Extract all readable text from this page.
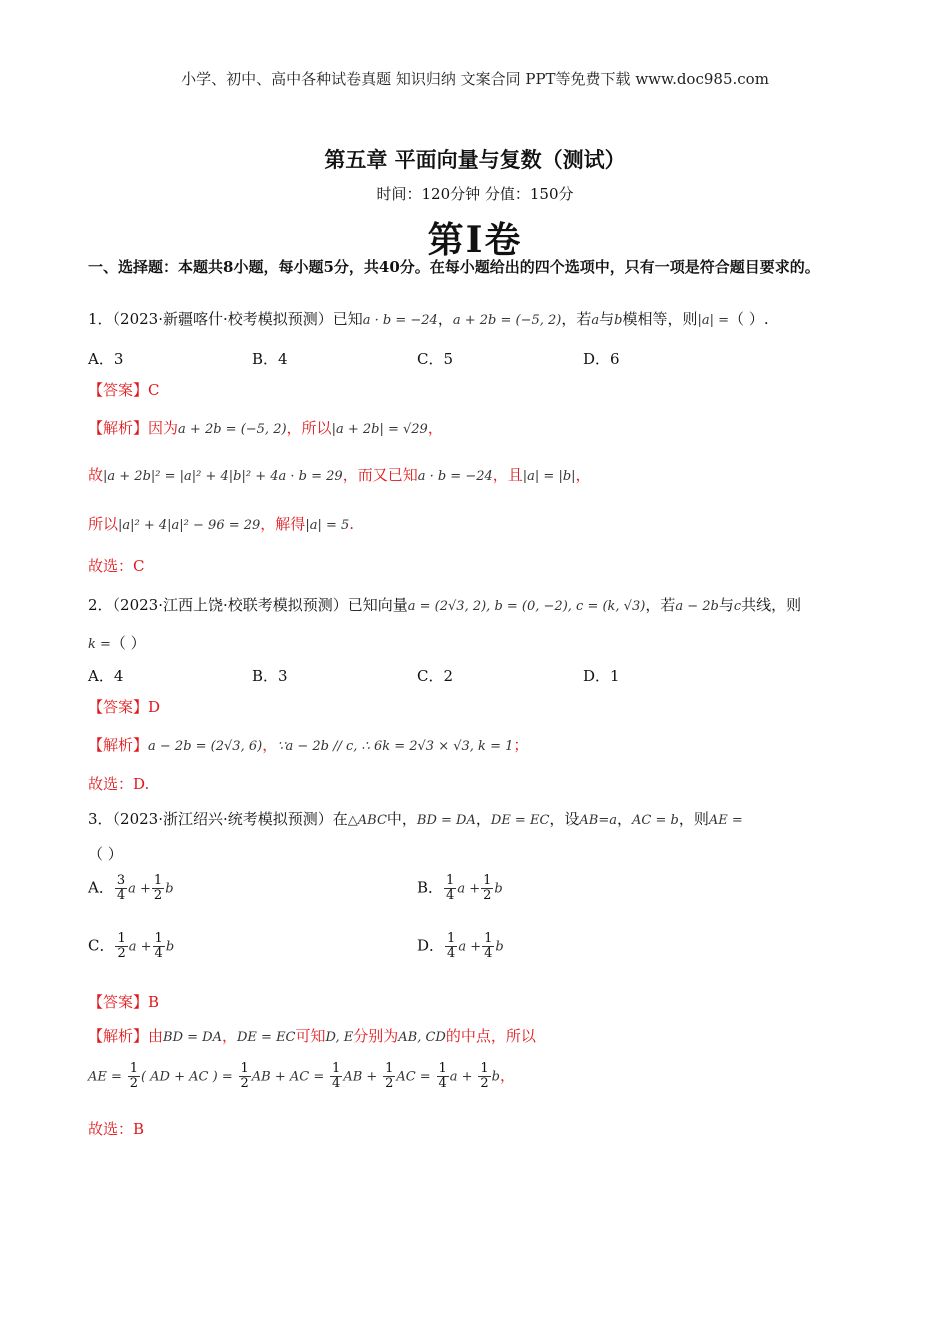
小学、初中、高中各种试卷真题 知识归纳 文案合同 PPT等免费下载 www.doc985.com
第五章 平面向量与复数（测试）
时间：120分钟 分值：150分
第Ⅰ卷
一、选择题：本题共8小题，每小题5分，共40分。在每小题给出的四个选项中，只有一项是符合题目要求的。
1．（2023·新疆喀什·校考模拟预测）已知a · b = −24，a + 2b = (−5, 2)，若a与b模相等，则|a| =（ ）.
A．3	B．4	C．5	D．6
【答案】C
【解析】因为a + 2b = (−5, 2)，所以|a + 2b| = √29，
故|a + 2b|² = |a|² + 4|b|² + 4a · b = 29，而又已知a · b = −24，且|a| = |b|，
所以|a|² + 4|a|² − 96 = 29，解得|a| = 5.
故选：C
2．（2023·江西上饶·校联考模拟预测）已知向量a = (2√3, 2), b = (0, −2), c = (k, √3)，若a − 2b与c共线，则
k =（ ）
A．4	B．3	C．2	D．1
【答案】D
【解析】a − 2b = (2√3, 6)，∵a − 2b // c, ∴ 6k = 2√3 × √3, k = 1；
故选：D.
3．（2023·浙江绍兴·统考模拟预测）在△ABC中，BD = DA，DE = EC，设AB=a，AC = b，则AE =
（ ）
A． $\frac{3}{4}$ $a + \frac{1}{2}$ b	B． $\frac{1}{4}$ $a + \frac{1}{2}$ b
C． $\frac{1}{2}$ $a + \frac{1}{4}$ b	D． $\frac{1}{4}$ $a + \frac{1}{4}$ b
【答案】B
【解析】由BD = DA，DE = EC可知D, E分别为AB, CD的中点，所以
AE = $\frac{1}{2}$ ( AD + AC ) = $\frac{1}{2}$ AB + AC = $\frac{1}{4}$ AB + $\frac{1}{2}$ AC = $\frac{1}{4}$ $a + \frac{1}{2}$ b，
故选：B
